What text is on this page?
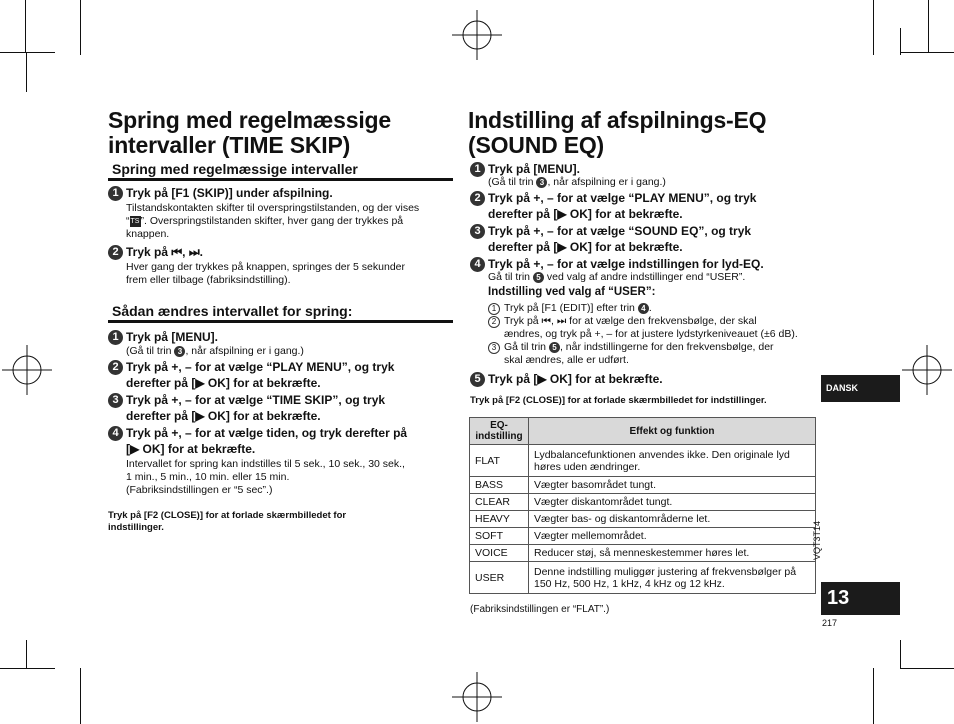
Spring med regelmæssige
intervaller (TIME SKIP)
Spring med regelmæssige intervaller
1 Tryk på [F1 (SKIP)] under afspilning.
Tilstandskontakten skifter til overspringstilstanden, og der vises
“TS”. Overspringstilstanden skifter, hver gang der trykkes på
knappen.
2 Tryk på ⏮, ⏭.
Hver gang der trykkes på knappen, springes der 5 sekunder
frem eller tilbage (fabriksindstilling).
Sådan ændres intervallet for spring:
1 Tryk på [MENU].
(Gå til trin 3 , når afspilning er i gang.)
2 Tryk på +, – for at vælge “PLAY MENU”, og tryk
derefter på [▶ OK] for at bekræfte.
3 Tryk på +, – for at vælge “TIME SKIP”, og tryk
derefter på [▶ OK] for at bekræfte.
4 Tryk på +, – for at vælge tiden, og tryk derefter på
[▶ OK] for at bekræfte.
Intervallet for spring kan indstilles til 5 sek., 10 sek., 30 sek.,
1 min., 5 min., 10 min. eller 15 min.
(Fabriksindstillingen er “5 sec”.)
Tryk på [F2 (CLOSE)] for at forlade skærmbilledet for
indstillinger.
Indstilling af afspilnings-EQ
(SOUND EQ)
1 Tryk på [MENU].
(Gå til trin 3 , når afspilning er i gang.)
2 Tryk på +, – for at vælge “PLAY MENU”, og tryk
derefter på [▶ OK] for at bekræfte.
3 Tryk på +, – for at vælge “SOUND EQ”, og tryk
derefter på [▶ OK] for at bekræfte.
4 Tryk på +, – for at vælge indstillingen for lyd-EQ.
Gå til trin 5 ved valg af andre indstillinger end “USER”.
Indstilling ved valg af “USER”:
1 Tryk på [F1 (EDIT)] efter trin 4 .
2 Tryk på ⏮, ⏭ for at vælge den frekvensbølge, der skal
ændres, og tryk på +, – for at justere lydstyrkeniveauet (±6 dB).
3 Gå til trin 5 , når indstillingerne for den frekvensbølge, der
skal ændres, alle er udført.
5 Tryk på [▶ OK] for at bekræfte.
Tryk på [F2 (CLOSE)] for at forlade skærmbilledet for indstillinger.
EQ-
indstilling	Effekt og funktion
FLAT	Lydbalancefunktionen anvendes ikke. Den originale lyd høres uden ændringer.
BASS	Vægter basområdet tungt.
CLEAR	Vægter diskantområdet tungt.
HEAVY	Vægter bas- og diskantområderne let.
SOFT	Vægter mellemområdet.
VOICE	Reducer støj, så menneskestemmer høres let.
USER	Denne indstilling muliggør justering af frekvensbølger på 150 Hz, 500 Hz, 1 kHz, 4 kHz og 12 kHz.
(Fabriksindstillingen er “FLAT”.)
DANSK
VQT3T14
13
217
